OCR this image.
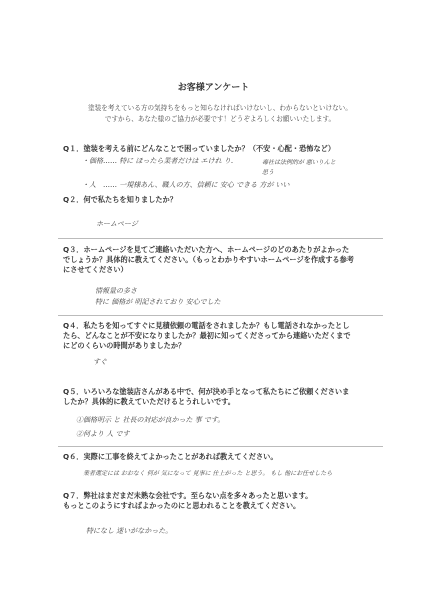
お客様アンケート
塗装を考えている方の気持ちをもっと知らなければいけないし、わからないといけない。
ですから、あなた様のご協力が必要です！どうぞよろしくお願いいたします。
Q１．塗装を考える前にどんなことで困っていましたか？（不安・心配・恐怖など）
・価格…… 特に ほったら業者だけは エけれ り.	毒社は法例的が 悪いりんと
思う
・人　…… 一規様あん、職人の方、信頼に 安心 できる 方が いい
Q２．何で私たちを知りましたか？
ホームページ
Q３．ホームページを見てご連絡いただいた方へ、ホームページのどのあたりがよかった
でしょうか？具体的に教えてください。（もっとわかりやすいホームページを作成する参考
にさせてください）
情報量の多さ
特に 価格が 明記されており 安心でした
Q４．私たちを知ってすぐに見積依頼の電話をされましたか？もし電話されなかったとし
たら、どんなことが不安になりましたか？最初に知ってくださってから連絡いただくまで
にどのくらいの時間がありましたか？
すぐ
Q５．いろいろな塗装店さんがある中で、何が決め手となって私たちにご依頼くださいま
したか？具体的に教えていただけるとうれしいです。
①価格明示 と 社長の対応が良かった 事 です。
②何より 人 です
Q６．実際に工事を終えてよかったことがあれば教えてください。
業者選定には おおなく 何が 気になって 見事に 仕上がった と思う。 もし 他にお任せしたら
Q７．弊社はまだまだ未熟な会社です。至らない点を多々あったと思います。
もっとこのようにすればよかったのにと思われることを教えてください。
特になし 迷いがなかった。
